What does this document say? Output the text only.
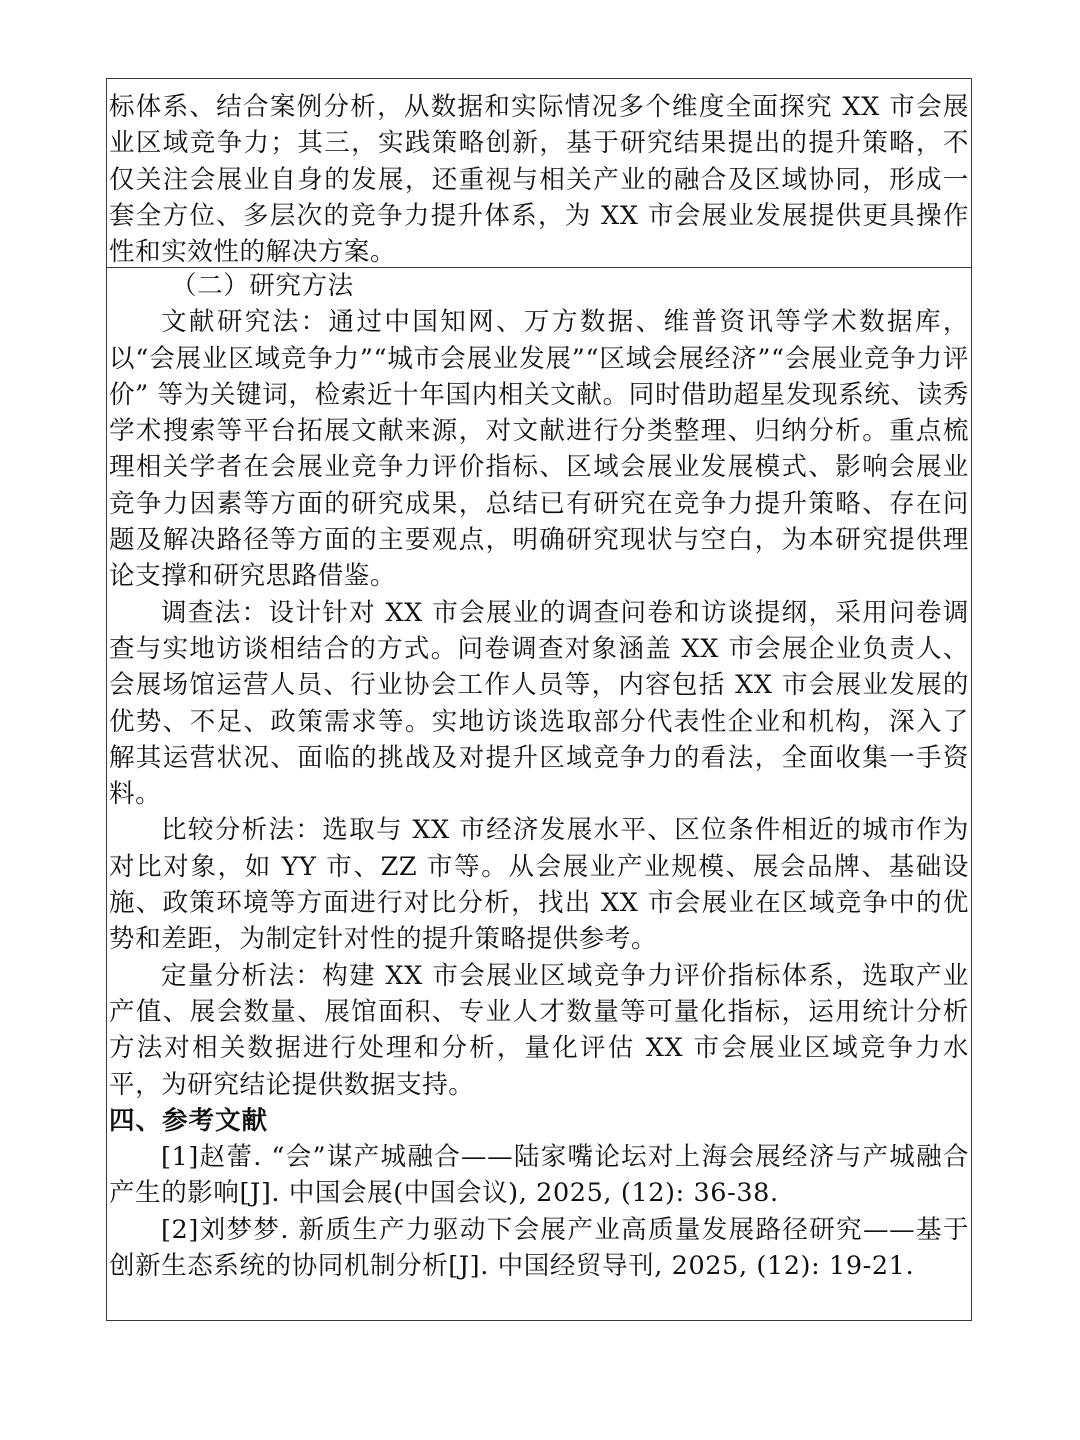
标体系、结合案例分析，从数据和实际情况多个维度全面探究 XX 市会展业区域竞争力；其三，实践策略创新，基于研究结果提出的提升策略，不仅关注会展业自身的发展，还重视与相关产业的融合及区域协同，形成一套全方位、多层次的竞争力提升体系，为 XX 市会展业发展提供更具操作性和实效性的解决方案。

（二）研究方法

文献研究法：通过中国知网、万方数据、维普资讯等学术数据库，以“会展业区域竞争力”“城市会展业发展”“区域会展经济”“会展业竞争力评价” 等为关键词，检索近十年国内相关文献。同时借助超星发现系统、读秀学术搜索等平台拓展文献来源，对文献进行分类整理、归纳分析。重点梳理相关学者在会展业竞争力评价指标、区域会展业发展模式、影响会展业竞争力因素等方面的研究成果，总结已有研究在竞争力提升策略、存在问题及解决路径等方面的主要观点，明确研究现状与空白，为本研究提供理论支撑和研究思路借鉴。

调查法：设计针对 XX 市会展业的调查问卷和访谈提纲，采用问卷调查与实地访谈相结合的方式。问卷调查对象涵盖 XX 市会展企业负责人、会展场馆运营人员、行业协会工作人员等，内容包括 XX 市会展业发展的优势、不足、政策需求等。实地访谈选取部分代表性企业和机构，深入了解其运营状况、面临的挑战及对提升区域竞争力的看法，全面收集一手资料。

比较分析法：选取与 XX 市经济发展水平、区位条件相近的城市作为对比对象，如 YY 市、ZZ 市等。从会展业产业规模、展会品牌、基础设施、政策环境等方面进行对比分析，找出 XX 市会展业在区域竞争中的优势和差距，为制定针对性的提升策略提供参考。

定量分析法：构建 XX 市会展业区域竞争力评价指标体系，选取产业产值、展会数量、展馆面积、专业人才数量等可量化指标，运用统计分析方法对相关数据进行处理和分析，量化评估 XX 市会展业区域竞争力水平，为研究结论提供数据支持。

四、参考文献

[1]赵蕾. “会”谋产城融合——陆家嘴论坛对上海会展经济与产城融合产生的影响[J]. 中国会展(中国会议), 2025, (12): 36-38.

[2]刘梦梦. 新质生产力驱动下会展产业高质量发展路径研究——基于创新生态系统的协同机制分析[J]. 中国经贸导刊, 2025, (12): 19-21.
